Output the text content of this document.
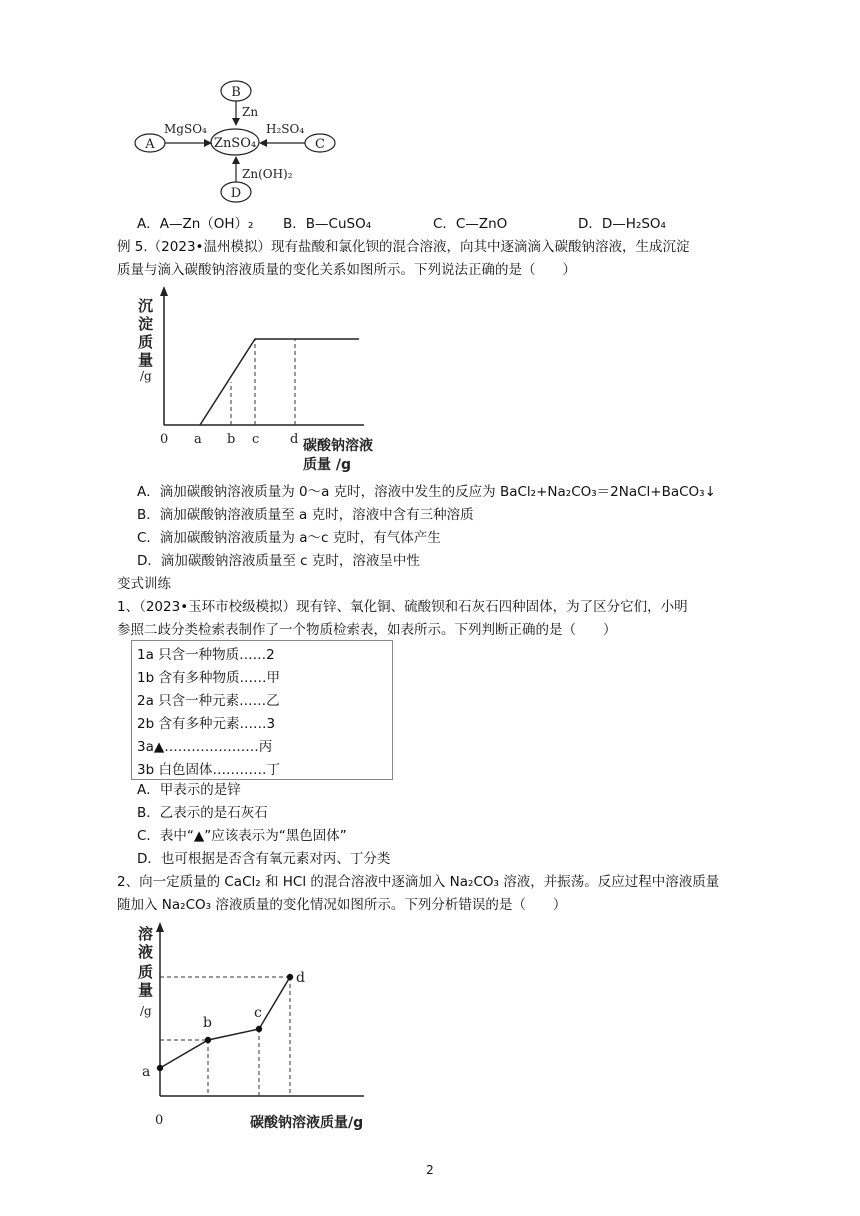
B
Zn
ZnSO₄
A
MgSO₄
C
H₂SO₄
D
Zn(OH)₂
A．A—Zn（OH）₂ B．B—CuSO₄	C．C—ZnO	D．D—H₂SO₄
例 5.（2023•温州模拟）现有盐酸和氯化钡的混合溶液，向其中逐滴滴入碳酸钠溶液，生成沉淀
质量与滴入碳酸钠溶液质量的变化关系如图所示。下列说法正确的是（　　）
沉
淀
质
量
/g
0 a b c d 碳酸钠溶液
质量 /g
A．滴加碳酸钠溶液质量为 0～a 克时，溶液中发生的反应为 BaCl₂+Na₂CO₃＝2NaCl+BaCO₃↓
B．滴加碳酸钠溶液质量至 a 克时，溶液中含有三种溶质
C．滴加碳酸钠溶液质量为 a～c 克时，有气体产生
D．滴加碳酸钠溶液质量至 c 克时，溶液呈中性
变式训练
1、（2023•玉环市校级模拟）现有锌、氧化铜、硫酸钡和石灰石四种固体，为了区分它们，小明
参照二歧分类检索表制作了一个物质检索表，如表所示。下列判断正确的是（　　）
1a 只含一种物质……2
1b 含有多种物质……甲
2a 只含一种元素……乙
2b 含有多种元素……3
3a▲…………………丙
3b 白色固体…………丁
A．甲表示的是锌
B．乙表示的是石灰石
C．表中“▲”应该表示为“黑色固体”
D．也可根据是否含有氧元素对丙、丁分类
2、向一定质量的 CaCl₂ 和 HCl 的混合溶液中逐滴加入 Na₂CO₃ 溶液，并振荡。反应过程中溶液质量
随加入 Na₂CO₃ 溶液质量的变化情况如图所示。下列分析错误的是（　　）
溶
液
质
量
/g
0
a
b
c
d
碳酸钠溶液质量/g
2
